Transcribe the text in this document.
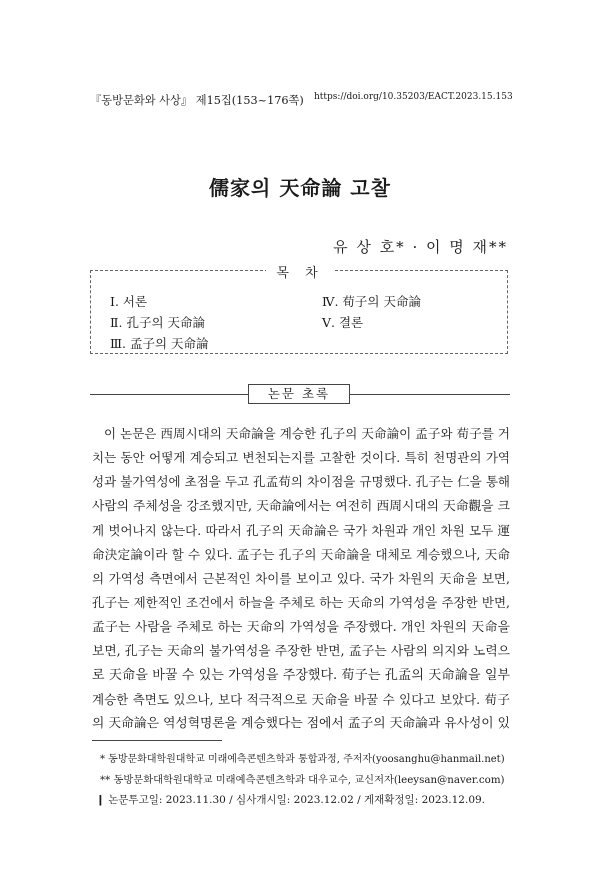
『동방문화와 사상』 제15집(153~176쪽) https://doi.org/10.35203/EACT.2023.15.153
儒家의 天命論 고찰
유 상 호* · 이 명 재**
목 차
Ⅰ. 서론
Ⅱ. 孔子의 天命論
Ⅲ. 孟子의 天命論
Ⅳ. 荀子의 天命論
Ⅴ. 결론
논문 초록
이 논문은 西周시대의 天命論을 계승한 孔子의 天命論이 孟子와 荀子를 거
치는 동안 어떻게 계승되고 변천되는지를 고찰한 것이다. 특히 천명관의 가역
성과 불가역성에 초점을 두고 孔孟荀의 차이점을 규명했다. 孔子는 仁을 통해
사람의 주체성을 강조했지만, 天命論에서는 여전히 西周시대의 天命觀을 크
게 벗어나지 않는다. 따라서 孔子의 天命論은 국가 차원과 개인 차원 모두 運
命決定論이라 할 수 있다. 孟子는 孔子의 天命論을 대체로 계승했으나, 天命
의 가역성 측면에서 근본적인 차이를 보이고 있다. 국가 차원의 天命을 보면,
孔子는 제한적인 조건에서 하늘을 주체로 하는 天命의 가역성을 주장한 반면,
孟子는 사람을 주체로 하는 天命의 가역성을 주장했다. 개인 차원의 天命을
보면, 孔子는 天命의 불가역성을 주장한 반면, 孟子는 사람의 의지와 노력으
로 天命을 바꿀 수 있는 가역성을 주장했다. 荀子는 孔孟의 天命論을 일부
계승한 측면도 있으나, 보다 적극적으로 天命을 바꿀 수 있다고 보았다. 荀子
의 天命論은 역성혁명론을 계승했다는 점에서 孟子의 天命論과 유사성이 있
* 동방문화대학원대학교 미래예측콘텐츠학과 통합과정, 주저자(yoosanghu@hanmail.net)
** 동방문화대학원대학교 미래예측콘텐츠학과 대우교수, 교신저자(leeysan@naver.com)
❙ 논문투고일: 2023.11.30 / 심사개시일: 2023.12.02 / 게재확정일: 2023.12.09.
